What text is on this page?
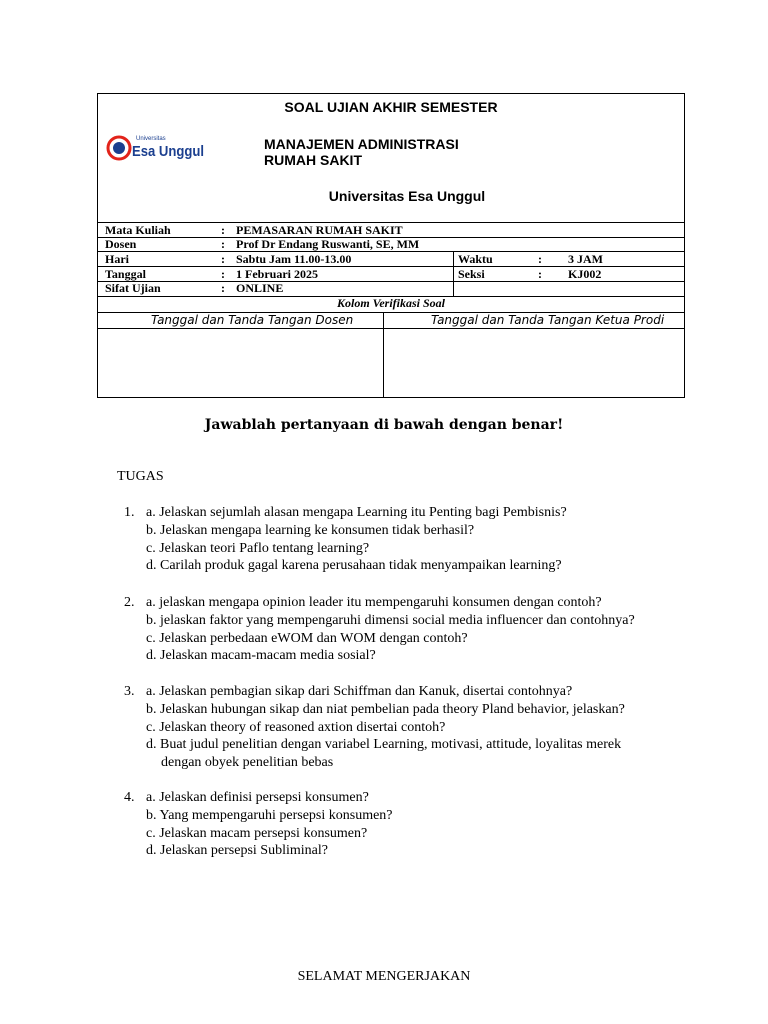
SOAL UJIAN AKHIR SEMESTER
Universitas
Esa Unggul	MANAJEMEN ADMINISTRASI
RUMAH SAKIT
Universitas Esa Unggul
Mata Kuliah	: PEMASARAN RUMAH SAKIT
Dosen	: Prof Dr Endang Ruswanti, SE, MM
Hari	: Sabtu Jam 11.00-13.00	Waktu	: 3 JAM
Tanggal	: 1 Februari 2025	Seksi	: KJ002
Sifat Ujian	: ONLINE
Kolom Verifikasi Soal
Tanggal dan Tanda Tangan Dosen	Tanggal dan Tanda Tangan Ketua Prodi
Jawablah pertanyaan di bawah dengan benar!
TUGAS
1. a. Jelaskan sejumlah alasan mengapa Learning itu Penting bagi Pembisnis?
b. Jelaskan mengapa learning ke konsumen tidak berhasil?
c. Jelaskan teori Paflo tentang learning?
d. Carilah produk gagal karena perusahaan tidak menyampaikan learning?
2. a. jelaskan mengapa opinion leader itu mempengaruhi konsumen dengan contoh?
b. jelaskan faktor yang mempengaruhi dimensi social media influencer dan contohnya?
c. Jelaskan perbedaan eWOM dan WOM dengan contoh?
d. Jelaskan macam-macam media sosial?
3. a. Jelaskan pembagian sikap dari Schiffman dan Kanuk, disertai contohnya?
b. Jelaskan hubungan sikap dan niat pembelian pada theory Pland behavior, jelaskan?
c. Jelaskan theory of reasoned axtion disertai contoh?
d. Buat judul penelitian dengan variabel Learning, motivasi, attitude, loyalitas merek
dengan obyek penelitian bebas
4. a. Jelaskan definisi persepsi konsumen?
b. Yang mempengaruhi persepsi konsumen?
c. Jelaskan macam persepsi konsumen?
d. Jelaskan persepsi Subliminal?
SELAMAT MENGERJAKAN
